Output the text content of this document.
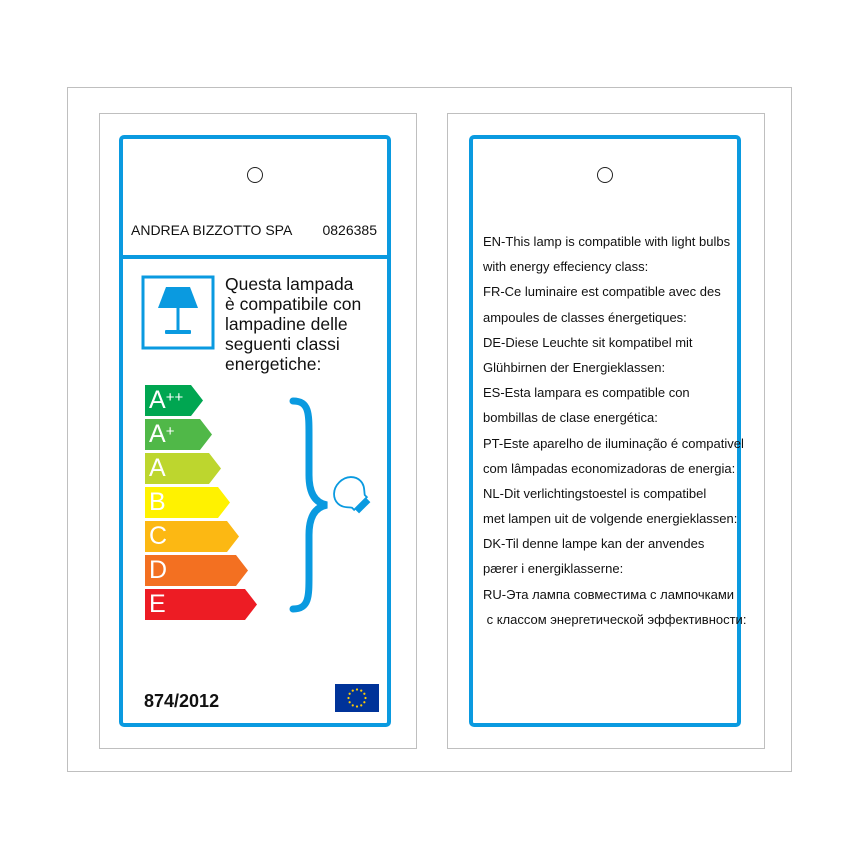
ANDREA BIZZOTTO SPA 0826385
Questa lampada
è compatibile con
lampadine delle
seguenti classi
energetiche:
A++
A+
A
B
C
D
E
874/2012
EN-This lamp is compatible with light bulbs
with energy effeciency class:
FR-Ce luminaire est compatible avec des
ampoules de classes énergetiques:
DE-Diese Leuchte sit kompatibel mit
Glühbirnen der Energieklassen:
ES-Esta lampara es compatible con
bombillas de clase energética:
PT-Este aparelho de iluminação é compativel
com lâmpadas economizadoras de energia:
NL-Dit verlichtingstoestel is compatibel
met lampen uit de volgende energieklassen:
DK-Til denne lampe kan der anvendes
pærer i energiklasserne:
RU-Эта лампа совместима с лампочками
с классом энергетической эффективности:
